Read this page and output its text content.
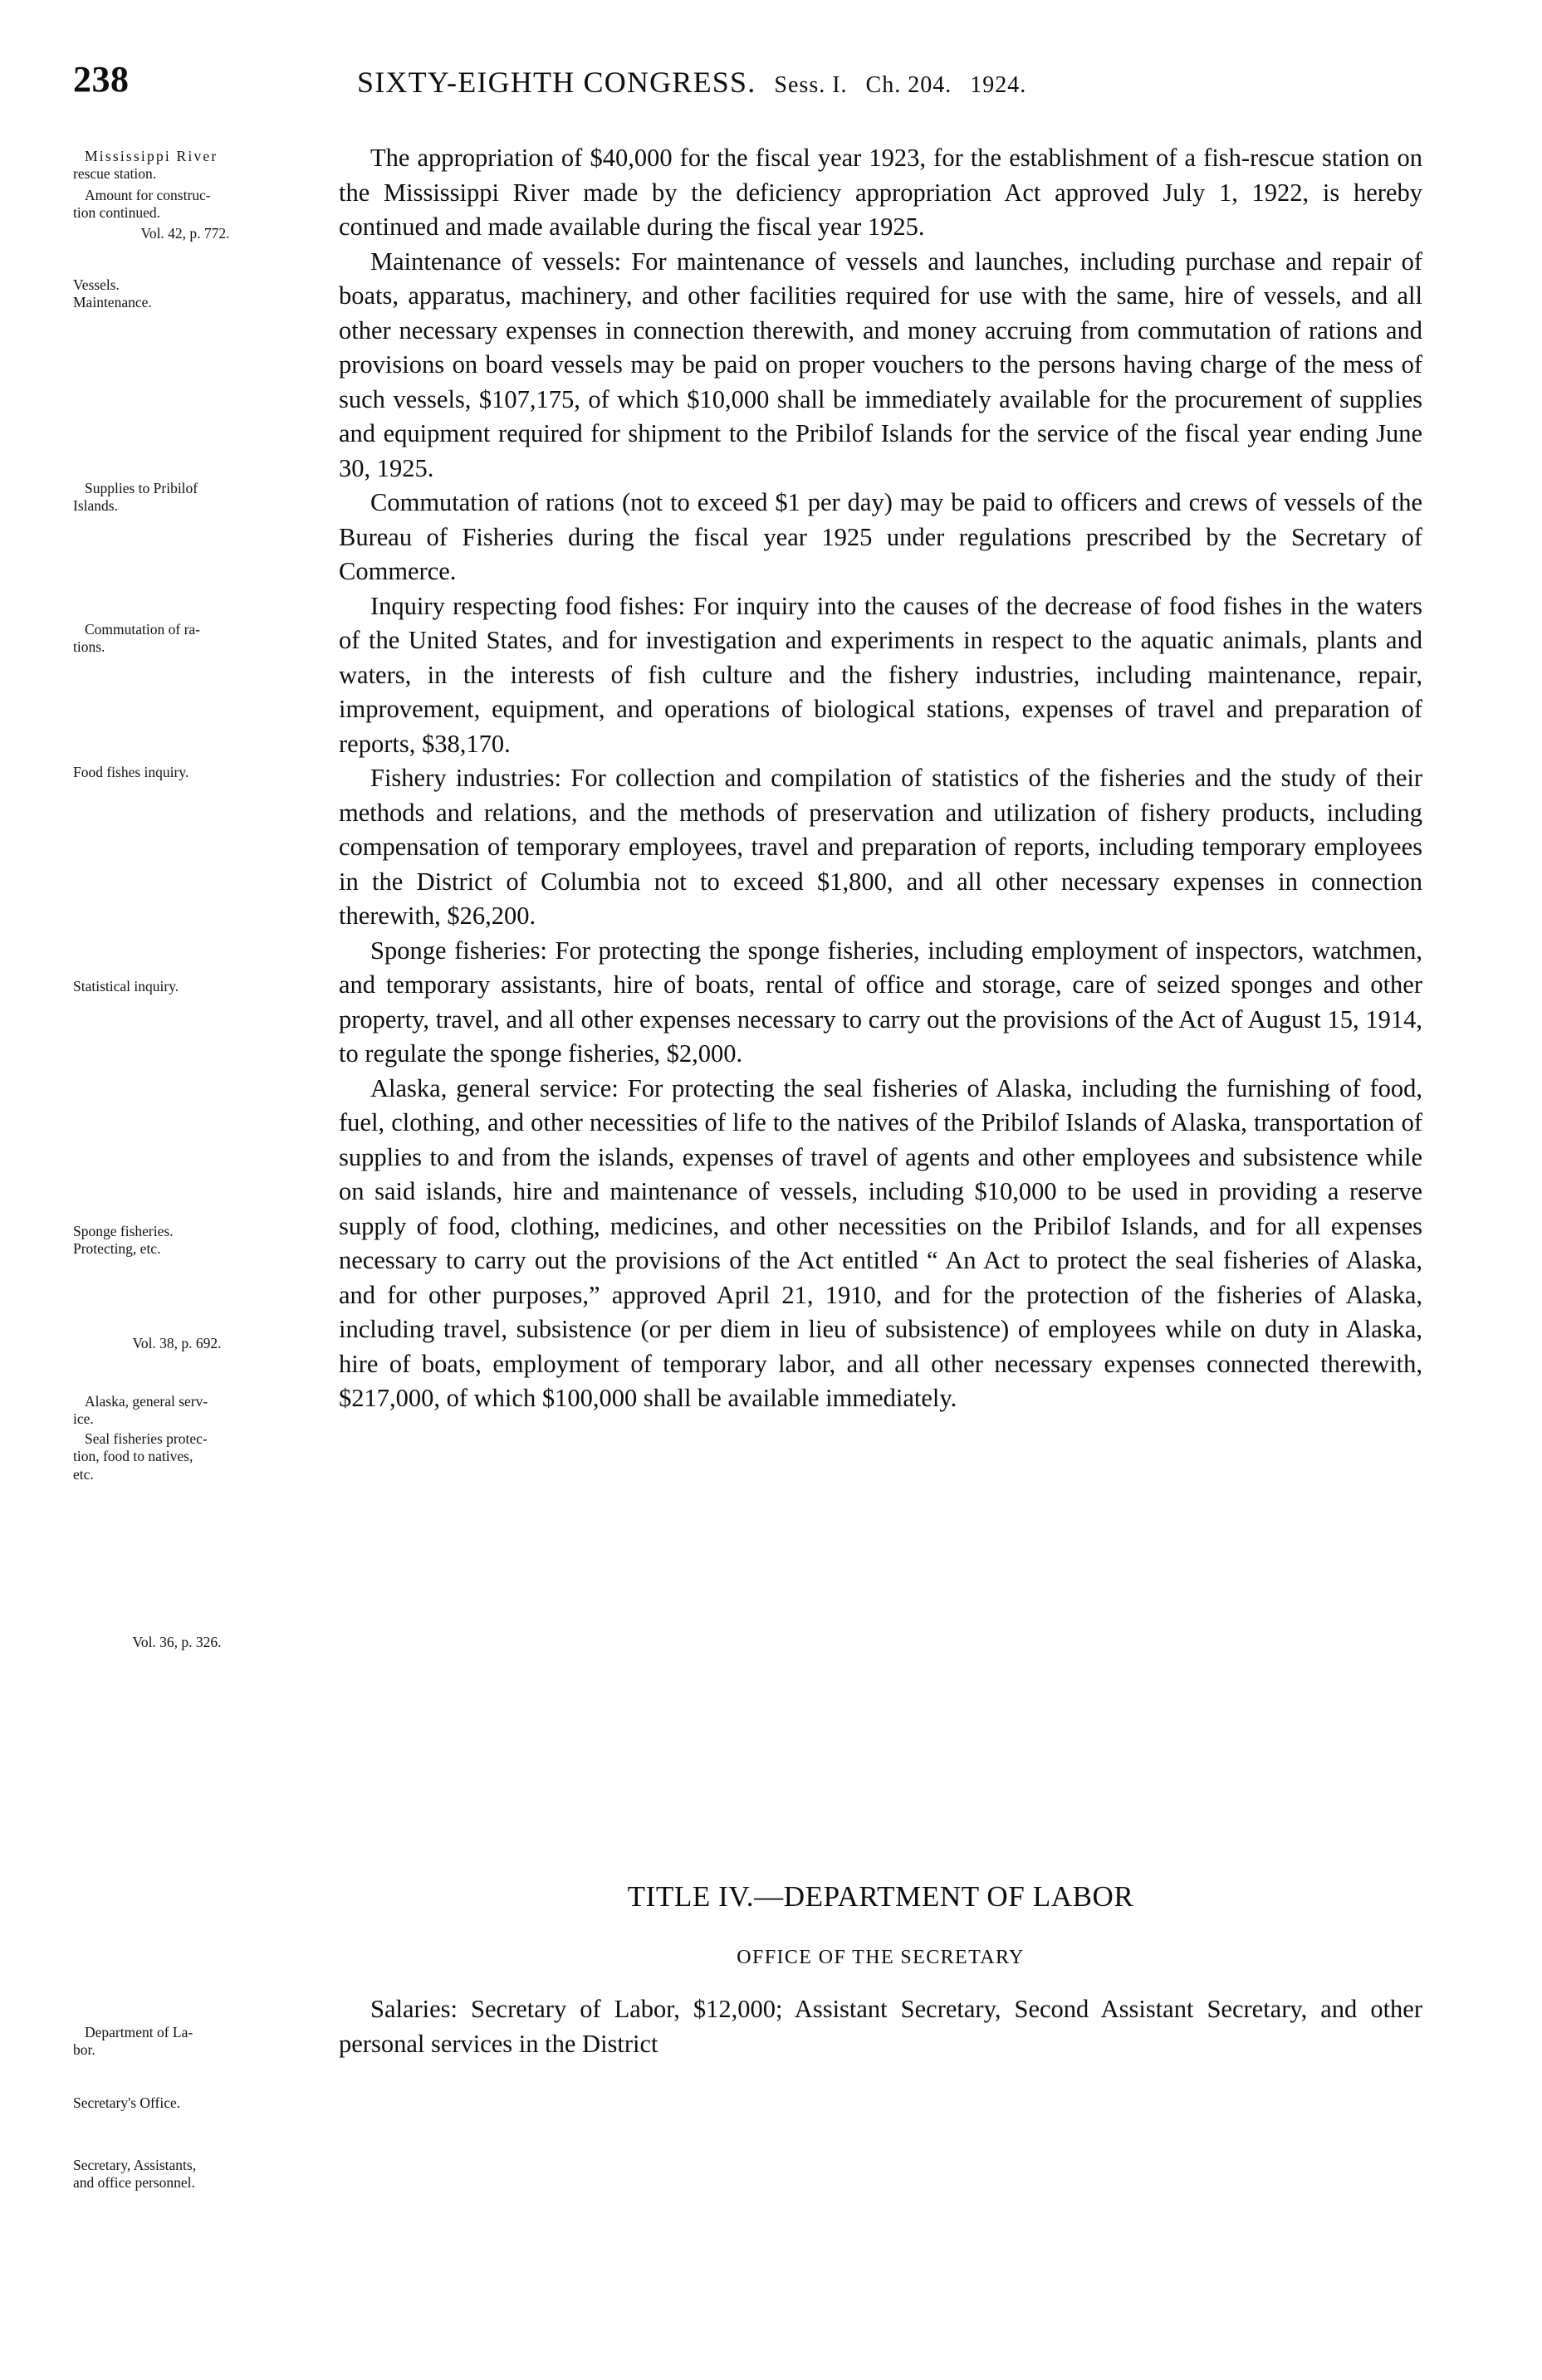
238	SIXTY-EIGHTH CONGRESS. Sess. I. Ch. 204. 1924.
Mississippi River
rescue station.
Amount for construc-
tion continued.
Vol. 42, p. 772.
Vessels.
Maintenance.
Supplies to Pribilof
Islands.
Commutation of ra-
tions.
Food fishes inquiry.
Statistical inquiry.
Sponge fisheries.
Protecting, etc.
Vol. 38, p. 692.
Alaska, general serv-
ice.
Seal fisheries protec-
tion, food to natives,
etc.
Vol. 36, p. 326.
Department of La-
bor.
Secretary's Office.
Secretary, Assistants,
and office personnel.

The appropriation of $40,000 for the fiscal year 1923, for the establishment of a fish-rescue station on the Mississippi River made by the deficiency appropriation Act approved July 1, 1922, is hereby continued and made available during the fiscal year 1925.

Maintenance of vessels: For maintenance of vessels and launches, including purchase and repair of boats, apparatus, machinery, and other facilities required for use with the same, hire of vessels, and all other necessary expenses in connection therewith, and money accruing from commutation of rations and provisions on board vessels may be paid on proper vouchers to the persons having charge of the mess of such vessels, $107,175, of which $10,000 shall be immediately available for the procurement of supplies and equipment required for shipment to the Pribilof Islands for the service of the fiscal year ending June 30, 1925.

Commutation of rations (not to exceed $1 per day) may be paid to officers and crews of vessels of the Bureau of Fisheries during the fiscal year 1925 under regulations prescribed by the Secretary of Commerce.

Inquiry respecting food fishes: For inquiry into the causes of the decrease of food fishes in the waters of the United States, and for investigation and experiments in respect to the aquatic animals, plants and waters, in the interests of fish culture and the fishery industries, including maintenance, repair, improvement, equipment, and operations of biological stations, expenses of travel and preparation of reports, $38,170.

Fishery industries: For collection and compilation of statistics of the fisheries and the study of their methods and relations, and the methods of preservation and utilization of fishery products, including compensation of temporary employees, travel and preparation of reports, including temporary employees in the District of Columbia not to exceed $1,800, and all other necessary expenses in connection therewith, $26,200.

Sponge fisheries: For protecting the sponge fisheries, including employment of inspectors, watchmen, and temporary assistants, hire of boats, rental of office and storage, care of seized sponges and other property, travel, and all other expenses necessary to carry out the provisions of the Act of August 15, 1914, to regulate the sponge fisheries, $2,000.

Alaska, general service: For protecting the seal fisheries of Alaska, including the furnishing of food, fuel, clothing, and other necessities of life to the natives of the Pribilof Islands of Alaska, transportation of supplies to and from the islands, expenses of travel of agents and other employees and subsistence while on said islands, hire and maintenance of vessels, including $10,000 to be used in providing a reserve supply of food, clothing, medicines, and other necessities on the Pribilof Islands, and for all expenses necessary to carry out the provisions of the Act entitled “ An Act to protect the seal fisheries of Alaska, and for other purposes,” approved April 21, 1910, and for the protection of the fisheries of Alaska, including travel, subsistence (or per diem in lieu of subsistence) of employees while on duty in Alaska, hire of boats, employment of temporary labor, and all other necessary expenses connected therewith, $217,000, of which $100,000 shall be available immediately.

TITLE IV.—DEPARTMENT OF LABOR
OFFICE OF THE SECRETARY

Salaries: Secretary of Labor, $12,000; Assistant Secretary, Second Assistant Secretary, and other personal services in the District
